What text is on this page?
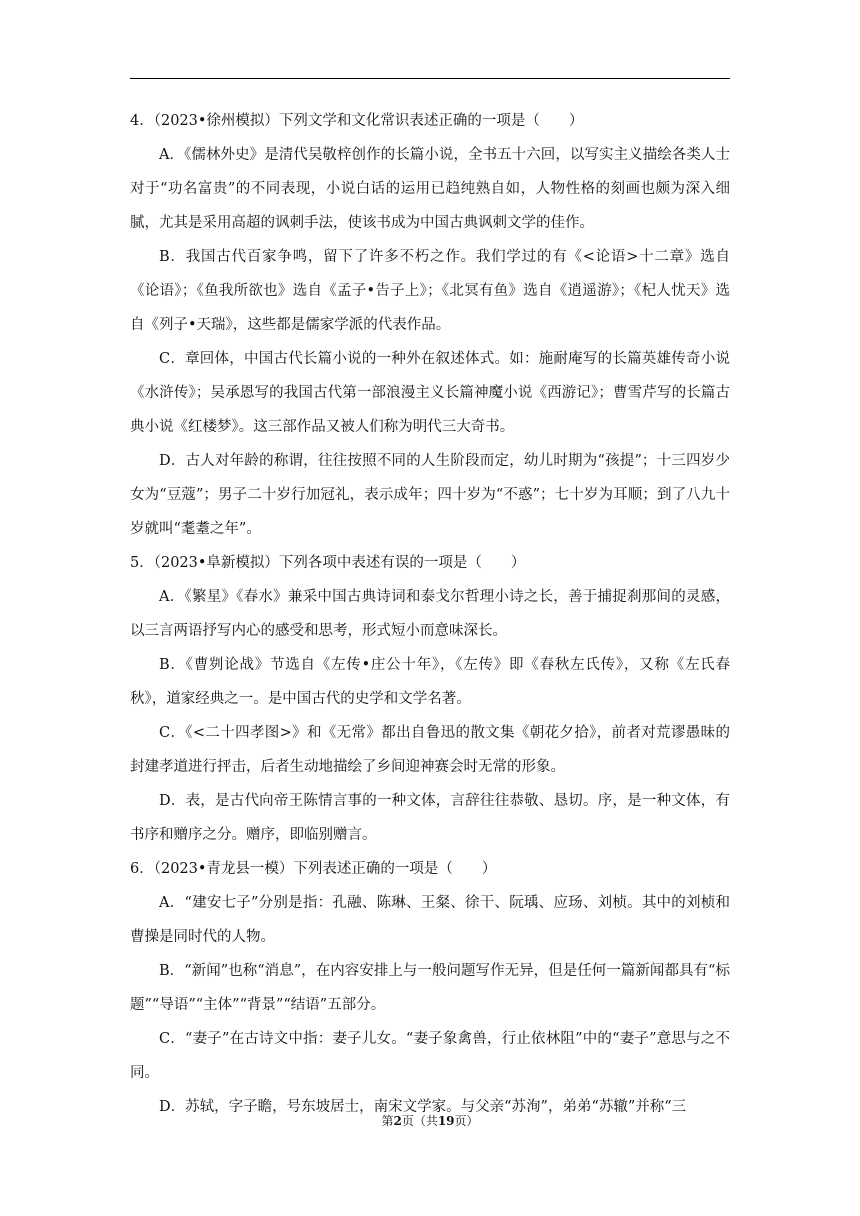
4．（2023•徐州模拟）下列文学和文化常识表述正确的一项是（　　）

A．《儒林外史》是清代吴敬梓创作的长篇小说，全书五十六回，以写实主义描绘各类人士对于“功名富贵”的不同表现，小说白话的运用已趋纯熟自如，人物性格的刻画也颇为深入细腻，尤其是采用高超的讽刺手法，使该书成为中国古典讽刺文学的佳作。

B．我国古代百家争鸣，留下了许多不朽之作。我们学过的有《<论语>十二章》选自《论语》；《鱼我所欲也》选自《孟子•告子上》；《北冥有鱼》选自《逍遥游》；《杞人忧天》选自《列子•天瑞》，这些都是儒家学派的代表作品。

C．章回体，中国古代长篇小说的一种外在叙述体式。如：施耐庵写的长篇英雄传奇小说《水浒传》；吴承恩写的我国古代第一部浪漫主义长篇神魔小说《西游记》；曹雪芹写的长篇古典小说《红楼梦》。这三部作品又被人们称为明代三大奇书。

D．古人对年龄的称谓，往往按照不同的人生阶段而定，幼儿时期为“孩提”；十三四岁少女为“豆蔻”；男子二十岁行加冠礼，表示成年；四十岁为“不惑”；七十岁为耳顺；到了八九十岁就叫“耄耋之年”。

5．（2023•阜新模拟）下列各项中表述有误的一项是（　　）

A．《繁星》《春水》兼采中国古典诗词和泰戈尔哲理小诗之长，善于捕捉刹那间的灵感，以三言两语抒写内心的感受和思考，形式短小而意味深长。

B．《曹刿论战》节选自《左传•庄公十年》，《左传》即《春秋左氏传》，又称《左氏春秋》，道家经典之一。是中国古代的史学和文学名著。

C．《<二十四孝图>》和《无常》都出自鲁迅的散文集《朝花夕拾》，前者对荒谬愚昧的封建孝道进行抨击，后者生动地描绘了乡间迎神赛会时无常的形象。

D．表，是古代向帝王陈情言事的一种文体，言辞往往恭敬、恳切。序，是一种文体，有书序和赠序之分。赠序，即临别赠言。

6．（2023•青龙县一模）下列表述正确的一项是（　　）

A．“建安七子”分别是指：孔融、陈琳、王粲、徐干、阮瑀、应玚、刘桢。其中的刘桢和曹操是同时代的人物。

B．“新闻”也称“消息”，在内容安排上与一般问题写作无异，但是任何一篇新闻都具有“标题”“导语”“主体”“背景”“结语”五部分。

C．“妻子”在古诗文中指：妻子儿女。“妻子象禽兽，行止依林阻”中的“妻子”意思与之不同。

D．苏轼，字子瞻，号东坡居士，南宋文学家。与父亲“苏洵”，弟弟“苏辙”并称“三

第2页（共19页）
